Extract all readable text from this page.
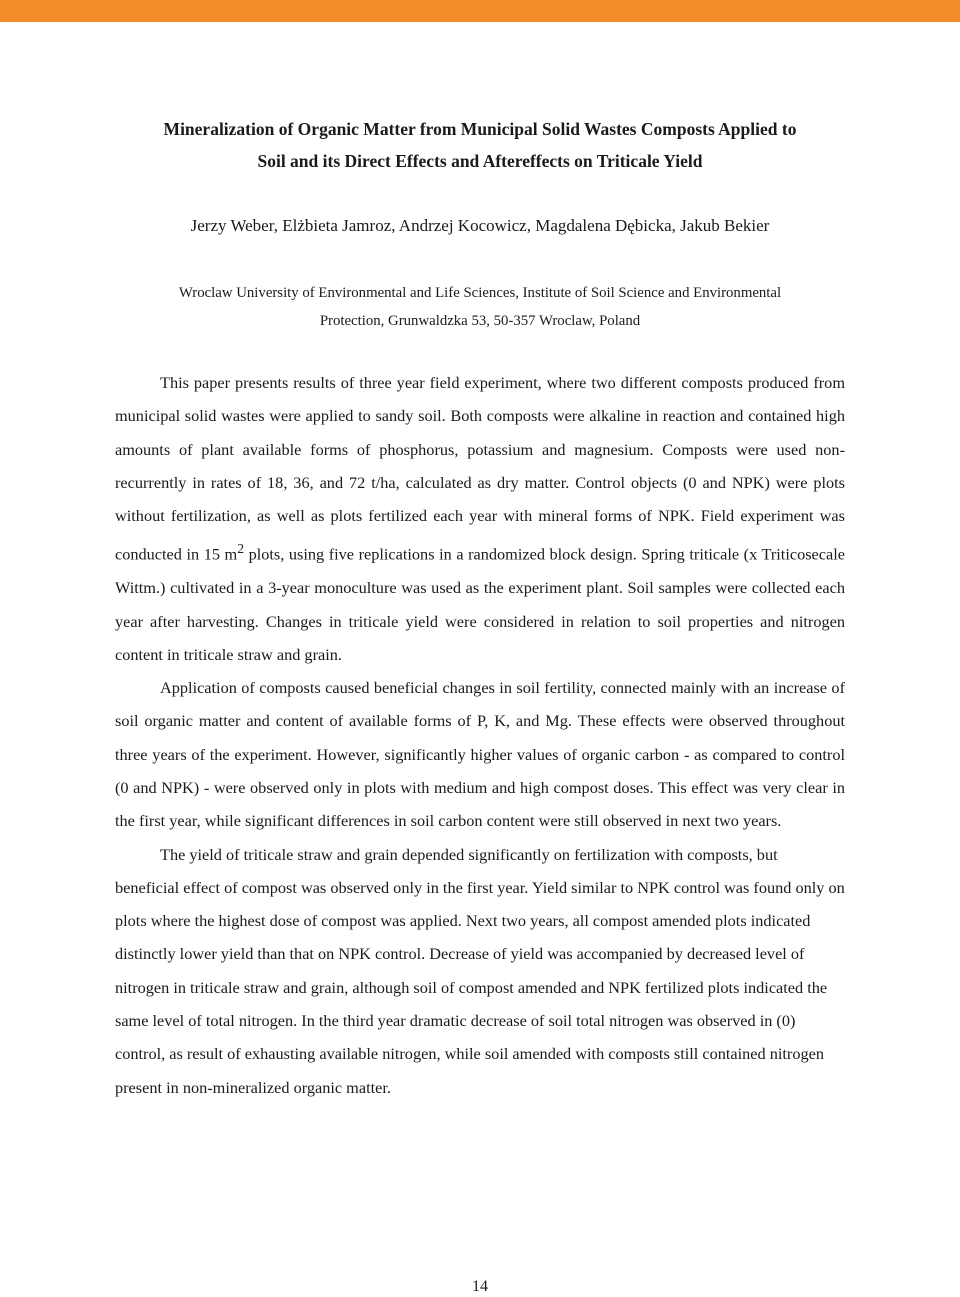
Mineralization of Organic Matter from Municipal Solid Wastes Composts Applied to
Soil and its Direct Effects and Aftereffects on Triticale Yield
Jerzy Weber, Elżbieta Jamroz, Andrzej Kocowicz, Magdalena Dębicka, Jakub Bekier
Wroclaw University of Environmental and Life Sciences, Institute of Soil Science and Environmental
Protection, Grunwaldzka 53, 50-357 Wroclaw, Poland

This paper presents results of three year field experiment, where two different composts produced from municipal solid wastes were applied to sandy soil. Both composts were alkaline in reaction and contained high amounts of plant available forms of phosphorus, potassium and magnesium. Composts were used non-recurrently in rates of 18, 36, and 72 t/ha, calculated as dry matter. Control objects (0 and NPK) were plots without fertilization, as well as plots fertilized each year with mineral forms of NPK. Field experiment was conducted in 15 $m^2$ plots, using five replications in a randomized block design. Spring triticale (x Triticosecale Wittm.) cultivated in a 3-year monoculture was used as the experiment plant. Soil samples were collected each year after harvesting. Changes in triticale yield were considered in relation to soil properties and nitrogen content in triticale straw and grain.

Application of composts caused beneficial changes in soil fertility, connected mainly with an increase of soil organic matter and content of available forms of P, K, and Mg. These effects were observed throughout three years of the experiment. However, significantly higher values of organic carbon - as compared to control (0 and NPK) - were observed only in plots with medium and high compost doses. This effect was very clear in the first year, while significant differences in soil carbon content were still observed in next two years.

The yield of triticale straw and grain depended significantly on fertilization with composts, but beneficial effect of compost was observed only in the first year. Yield similar to NPK control was found only on plots where the highest dose of compost was applied. Next two years, all compost amended plots indicated distinctly lower yield than that on NPK control. Decrease of yield was accompanied by decreased level of nitrogen in triticale straw and grain, although soil of compost amended and NPK fertilized plots indicated the same level of total nitrogen. In the third year dramatic decrease of soil total nitrogen was observed in (0) control, as result of exhausting available nitrogen, while soil amended with composts still contained nitrogen present in non-mineralized organic matter.

14
